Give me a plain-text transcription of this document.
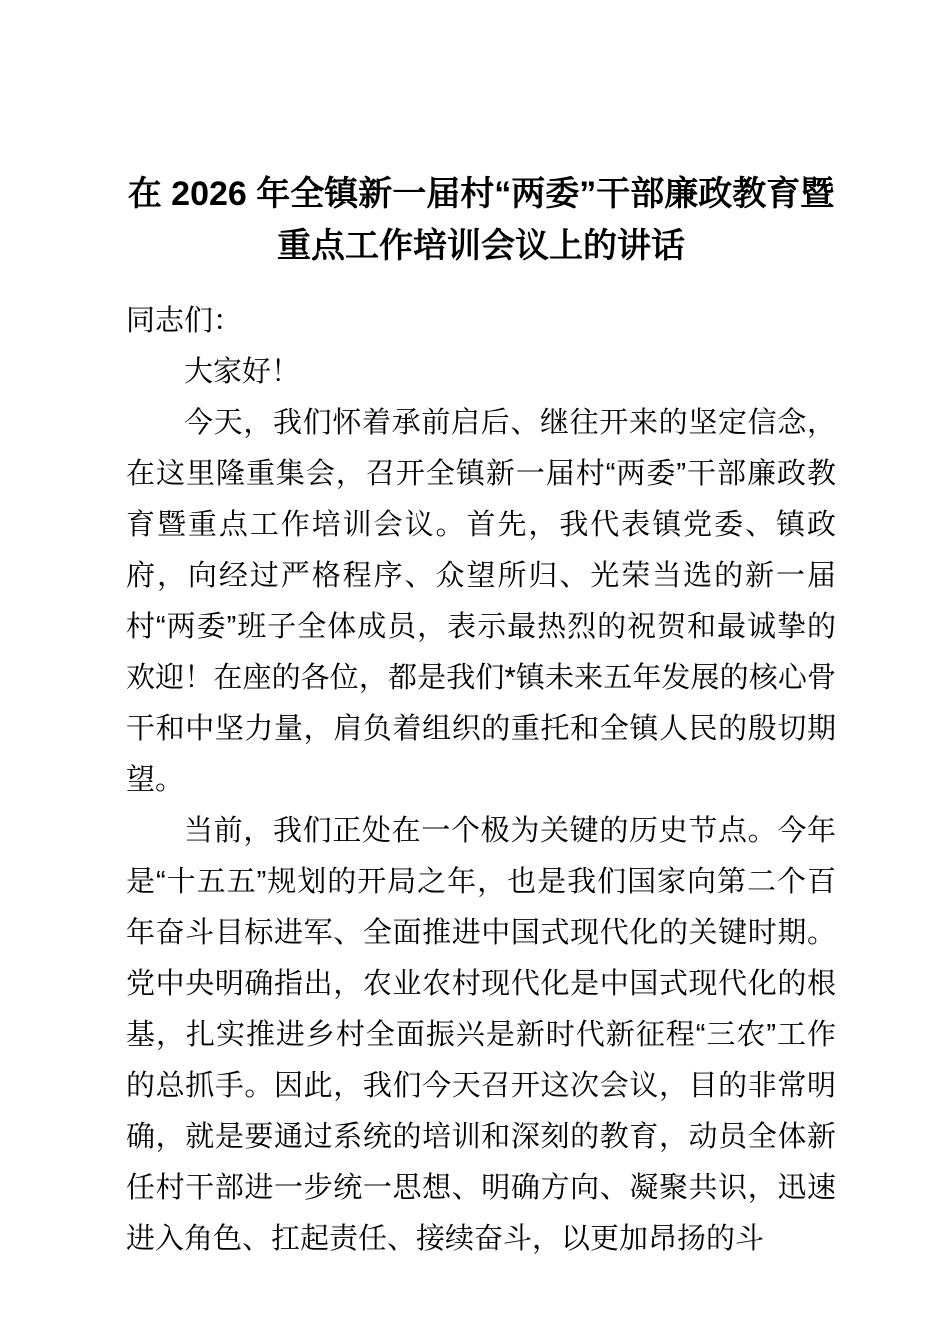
在 2026 年全镇新一届村“两委”干部廉政教育暨重点工作培训会议上的讲话

同志们：

大家好！

今天，我们怀着承前启后、继往开来的坚定信念，在这里隆重集会，召开全镇新一届村“两委”干部廉政教育暨重点工作培训会议。首先，我代表镇党委、镇政府，向经过严格程序、众望所归、光荣当选的新一届村“两委”班子全体成员，表示最热烈的祝贺和最诚挚的欢迎！在座的各位，都是我们*镇未来五年发展的核心骨干和中坚力量，肩负着组织的重托和全镇人民的殷切期望。

当前，我们正处在一个极为关键的历史节点。今年是“十五五”规划的开局之年，也是我们国家向第二个百年奋斗目标进军、全面推进中国式现代化的关键时期。党中央明确指出，农业农村现代化是中国式现代化的根基，扎实推进乡村全面振兴是新时代新征程“三农”工作的总抓手。因此，我们今天召开这次会议，目的非常明确，就是要通过系统的培训和深刻的教育，动员全体新任村干部进一步统一思想、明确方向、凝聚共识，迅速进入角色、扛起责任、接续奋斗，以更加昂扬的斗
